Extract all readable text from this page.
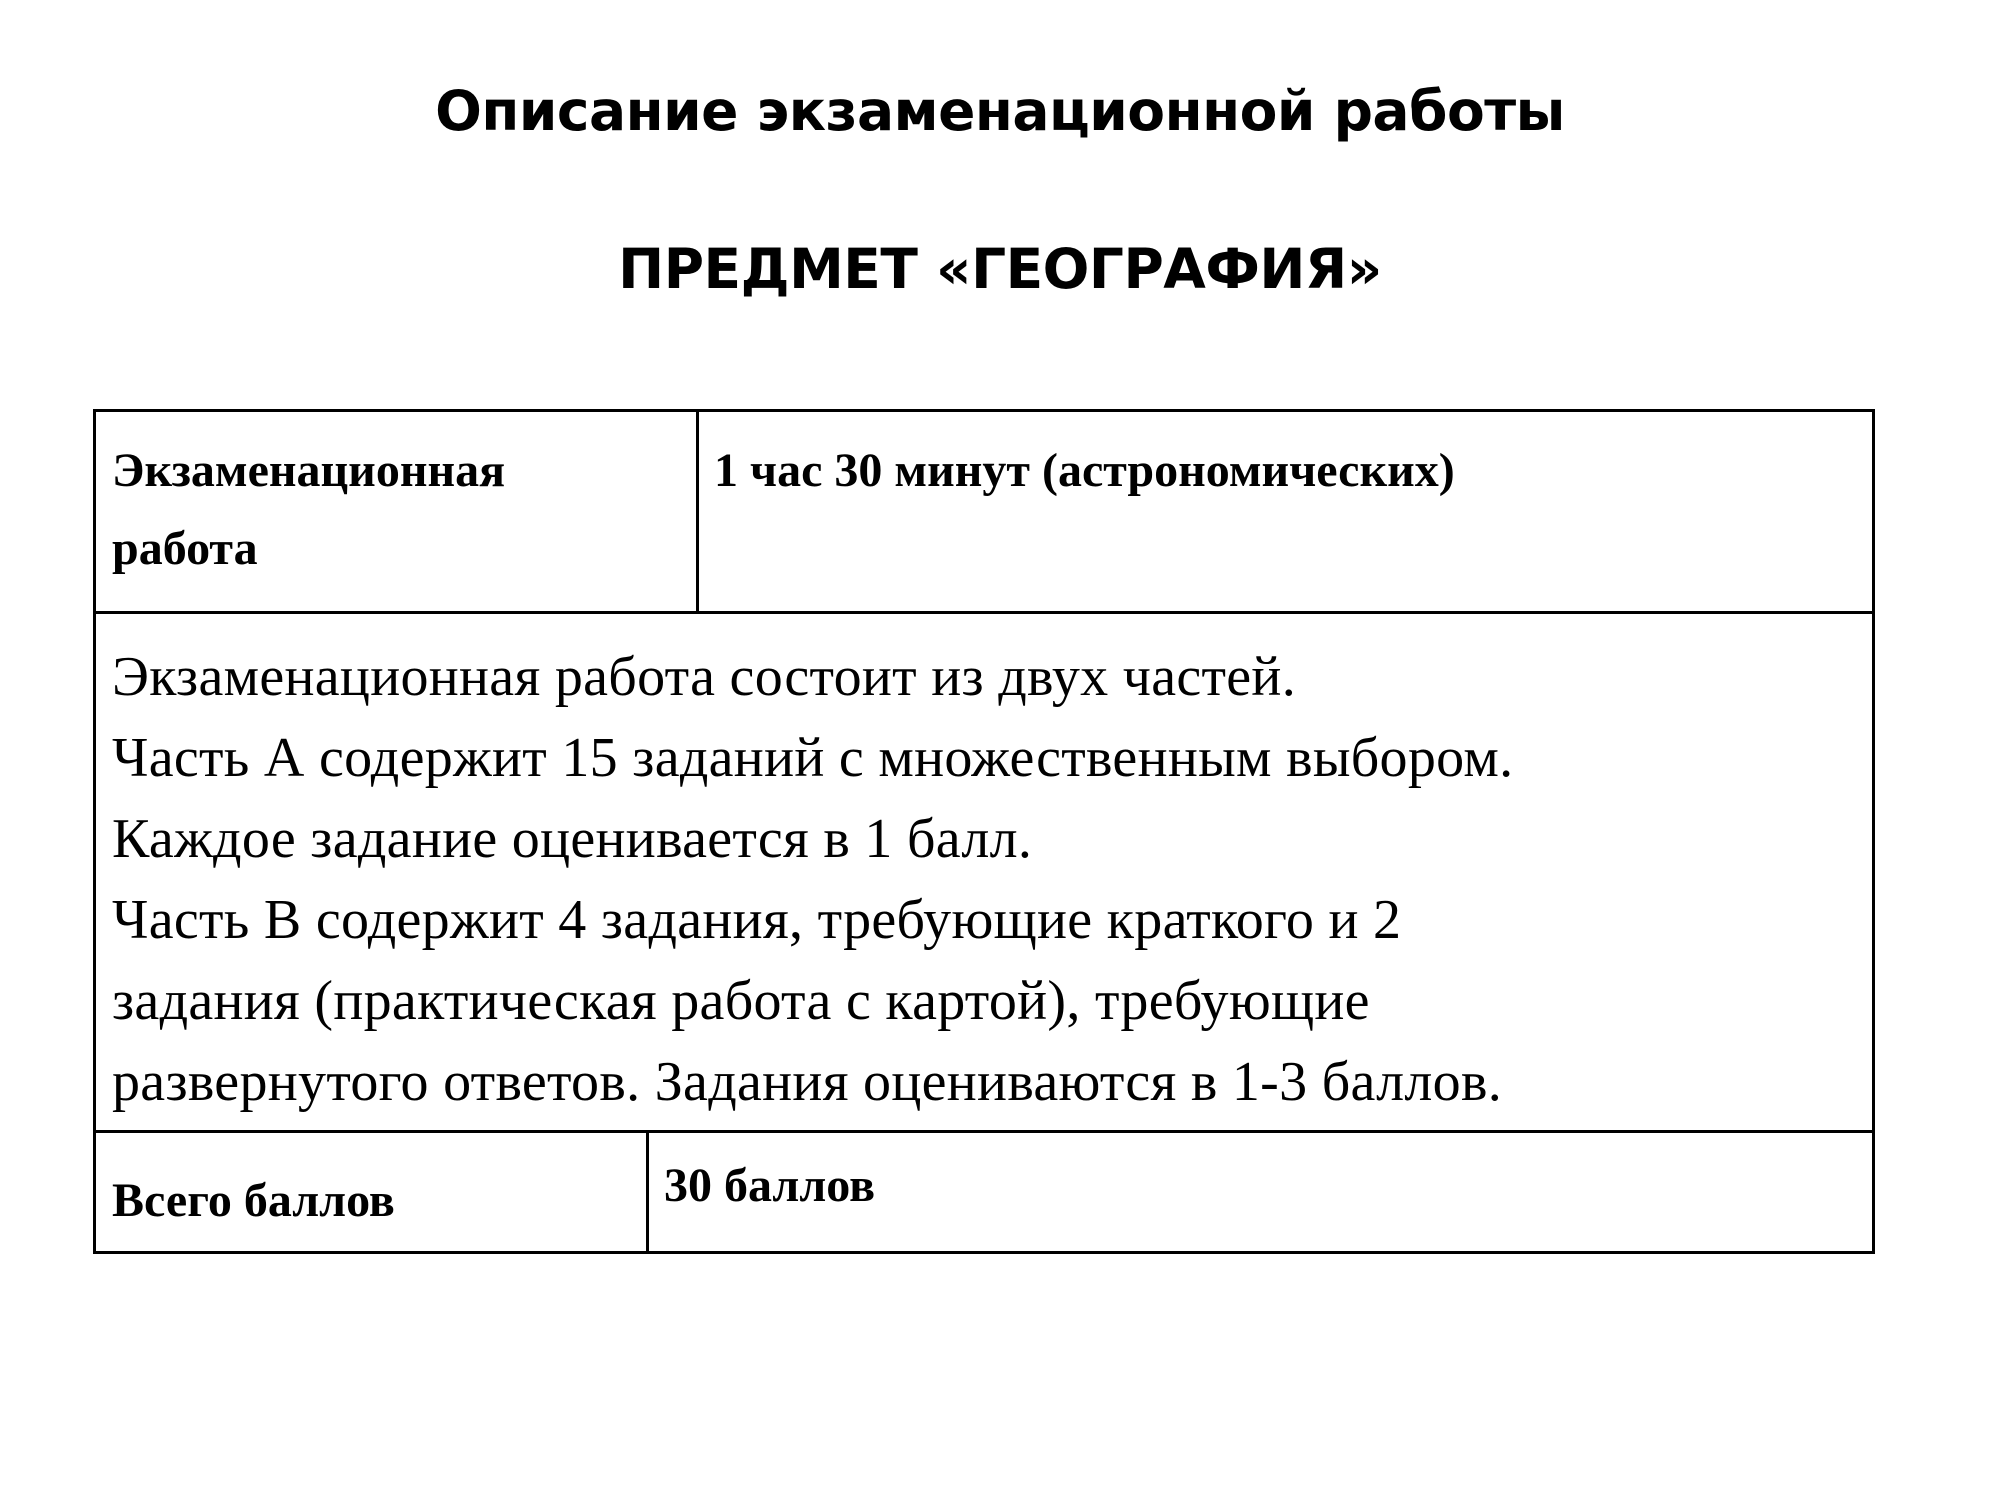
Описание экзаменационной работы
ПРЕДМЕТ «ГЕОГРАФИЯ»
Экзаменационная
работа
1 час 30 минут (астрономических)
Экзаменационная работа состоит из двух частей.
Часть А содержит 15 заданий с множественным выбором.
Каждое задание оценивается в 1 балл.
Часть В содержит 4 задания, требующие краткого и 2
задания (практическая работа с картой), требующие
развернутого ответов. Задания оцениваются в 1-3 баллов.
Всего баллов	30 баллов
